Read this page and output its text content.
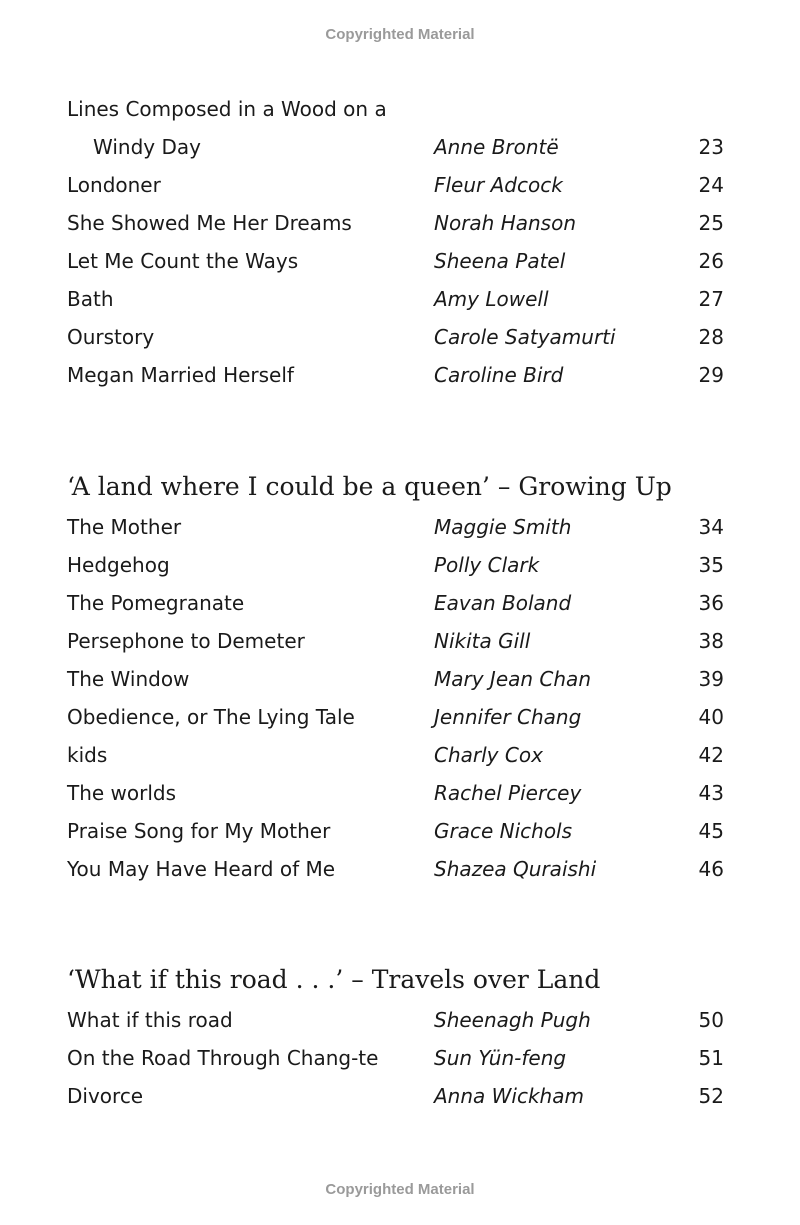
Copyrighted Material
Lines Composed in a Wood on a
Windy Day	Anne Brontë	23
Londoner	Fleur Adcock	24
She Showed Me Her Dreams	Norah Hanson	25
Let Me Count the Ways	Sheena Patel	26
Bath	Amy Lowell	27
Ourstory	Carole Satyamurti	28
Megan Married Herself	Caroline Bird	29
‘A land where I could be a queen’ – Growing Up
The Mother	Maggie Smith	34
Hedgehog	Polly Clark	35
The Pomegranate	Eavan Boland	36
Persephone to Demeter	Nikita Gill	38
The Window	Mary Jean Chan	39
Obedience, or The Lying Tale	Jennifer Chang	40
kids	Charly Cox	42
The worlds	Rachel Piercey	43
Praise Song for My Mother	Grace Nichols	45
You May Have Heard of Me	Shazea Quraishi	46
‘What if this road . . .’ – Travels over Land
What if this road	Sheenagh Pugh	50
On the Road Through Chang-te	Sun Yün-feng	51
Divorce	Anna Wickham	52
Copyrighted Material
